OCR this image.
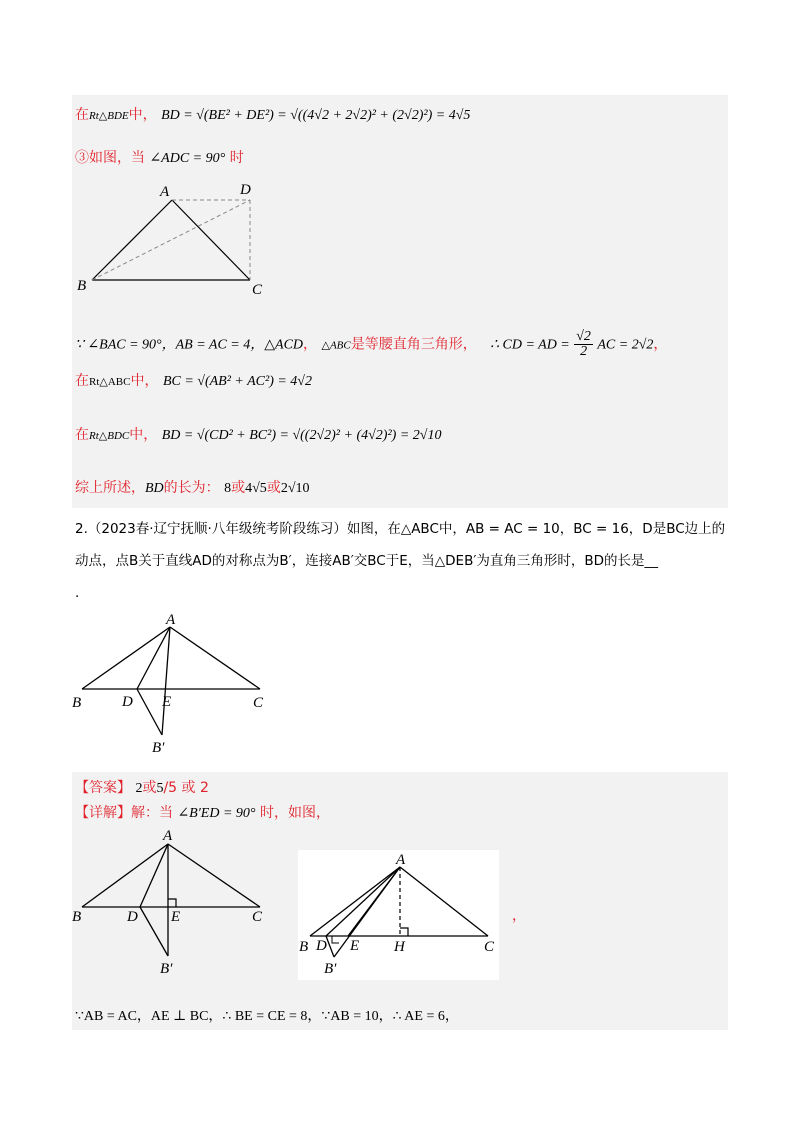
在Rt△BDE中， BD = √(BE² + DE²) = √((4√2 + 2√2)² + (2√2)²) = 4√5
③如图，当 ∠ADC = 90° 时
A	D
B	C
∵ ∠BAC = 90°，AB = AC = 4，△ACD， △ABC是等腰直角三角形， ∴ CD = AD = $\frac{√2}{2}$ AC = 2√2，
在Rt△ABC中， BC = √(AB² + AC²) = 4√2
在Rt△BDC中， BD = √(CD² + BC²) = √((2√2)² + (4√2)²) = 2√10
综上所述，BD的长为： 8或4√5或2√10
2.（2023春·辽宁抚顺·八年级统考阶段练习）如图，在△ABC中，AB = AC = 10，BC = 16，D是BC边上的
动点，点B关于直线AD的对称点为B′，连接AB′交BC于E，当△DEB′为直角三角形时，BD的长是__
.
A
B	C
D E
B′
【答案】 2或5/5 或 2
【详解】解：当 ∠B′ED = 90° 时，如图，
A
B	C
D E
B′
A
B D E H	C
B′
，
∵AB = AC，AE ⊥ BC，∴ BE = CE = 8，∵AB = 10，∴ AE = 6，
